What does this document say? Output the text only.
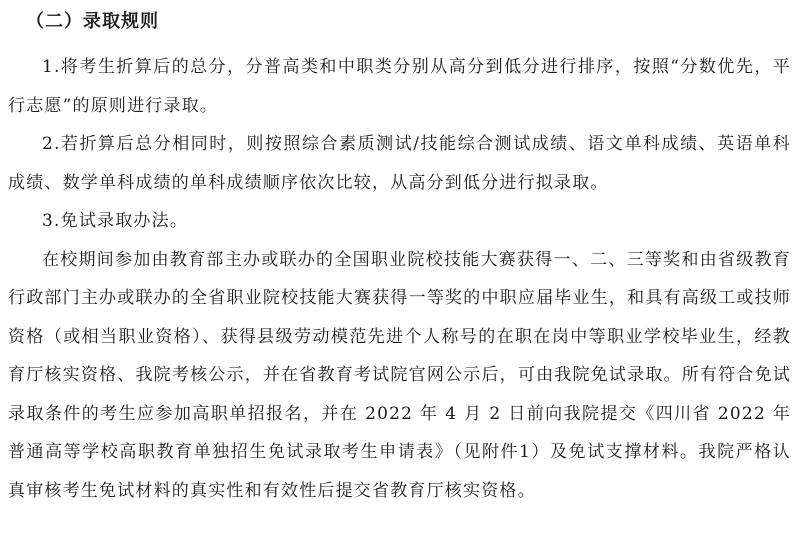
（二）录取规则

1.将考生折算后的总分，分普高类和中职类分别从高分到低分进行排序，按照“分数优先，平行志愿”的原则进行录取。

2.若折算后总分相同时，则按照综合素质测试/技能综合测试成绩、语文单科成绩、英语单科成绩、数学单科成绩的单科成绩顺序依次比较，从高分到低分进行拟录取。

3.免试录取办法。

在校期间参加由教育部主办或联办的全国职业院校技能大赛获得一、二、三等奖和由省级教育行政部门主办或联办的全省职业院校技能大赛获得一等奖的中职应届毕业生，和具有高级工或技师资格（或相当职业资格）、获得县级劳动模范先进个人称号的在职在岗中等职业学校毕业生，经教育厅核实资格、我院考核公示，并在省教育考试院官网公示后，可由我院免试录取。所有符合免试录取条件的考生应参加高职单招报名，并在 2022 年 4 月 2 日前向我院提交《四川省 2022 年普通高等学校高职教育单独招生免试录取考生申请表》（见附件1）及免试支撑材料。我院严格认真审核考生免试材料的真实性和有效性后提交省教育厅核实资格。
